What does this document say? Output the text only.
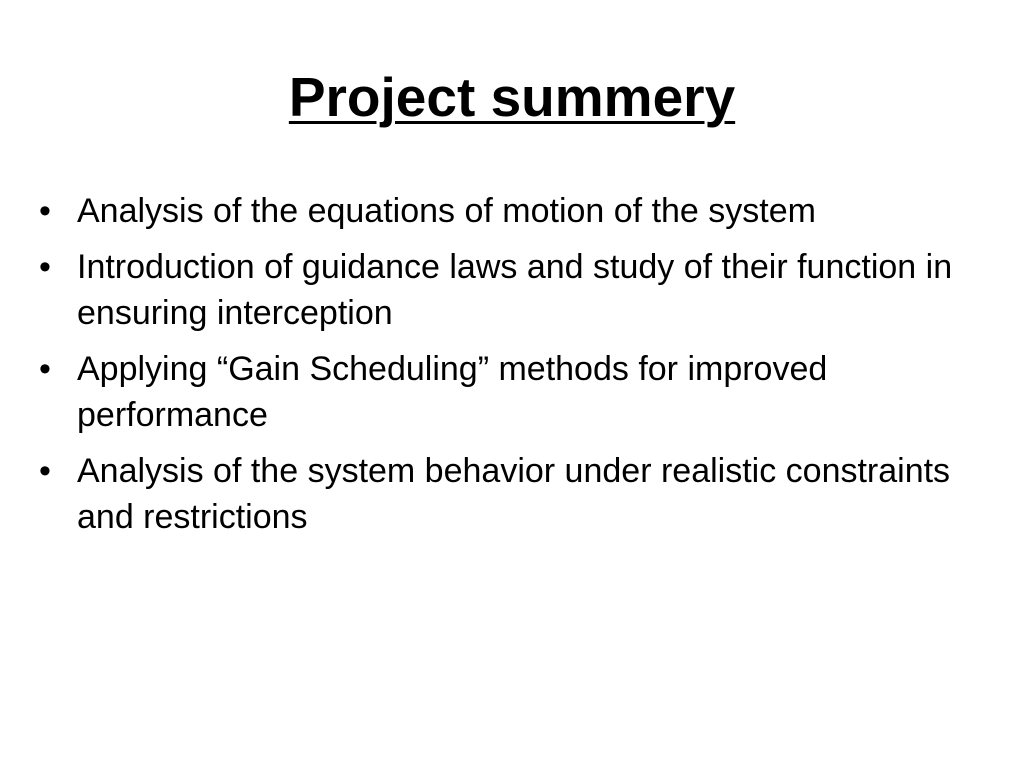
Project summery
• Analysis of the equations of motion of the system
• Introduction of guidance laws and study of their function in ensuring interception
• Applying “Gain Scheduling” methods for improved performance
• Analysis of the system behavior under realistic constraints and restrictions
